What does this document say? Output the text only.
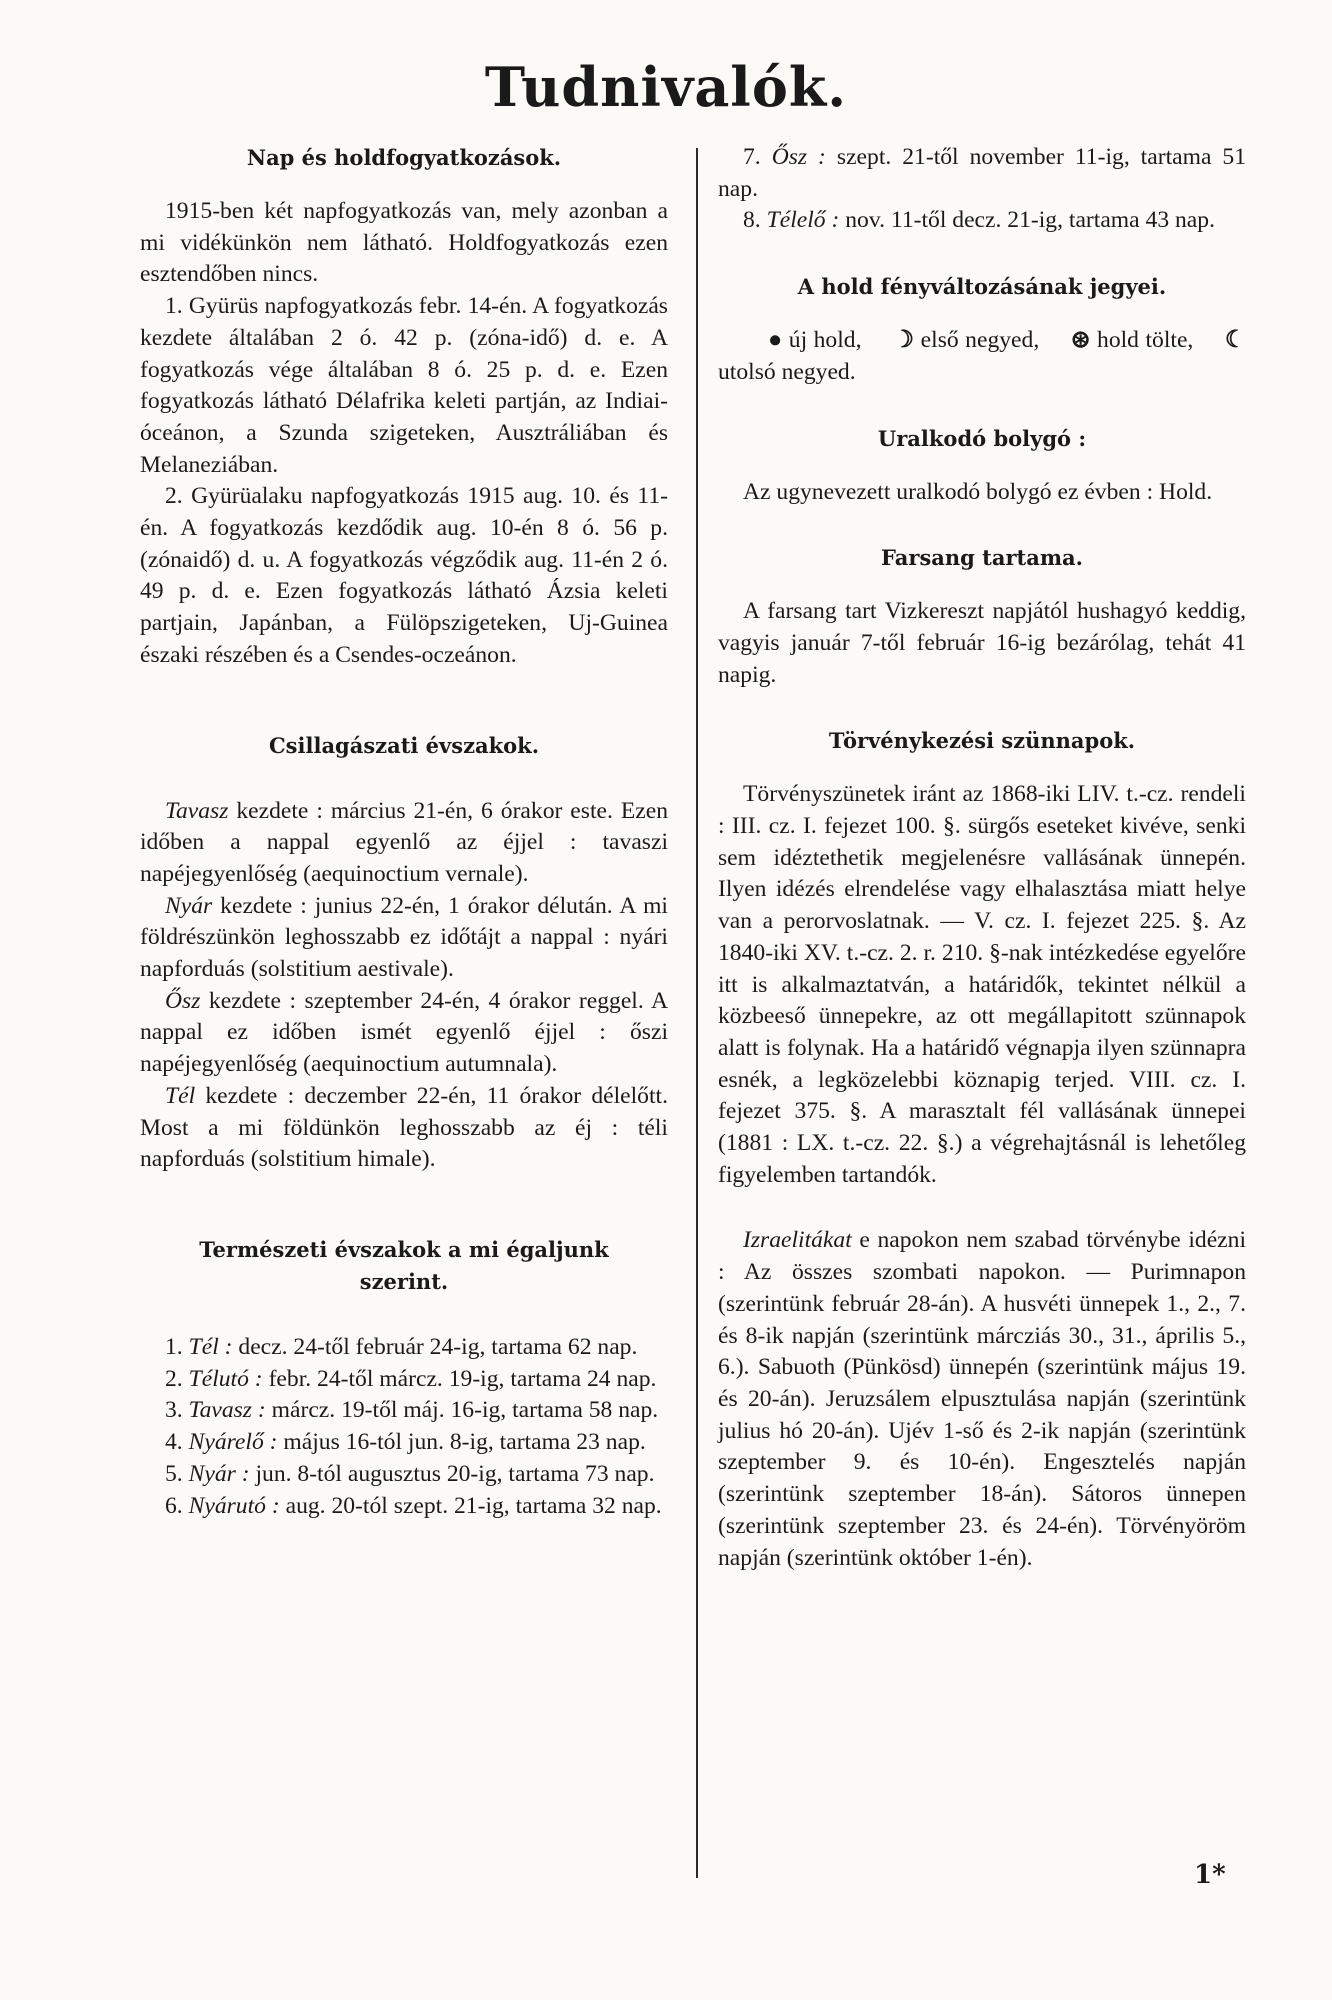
Tudnivalók.
Nap és holdfogyatkozások.

1915-ben két napfogyatkozás van, mely azonban a mi vidékünkön nem látható. Holdfogyatkozás ezen esztendőben nincs.

1. Gyürüs napfogyatkozás febr. 14-én. A fogyatkozás kezdete általában 2 ó. 42 p. (zóna-idő) d. e. A fogyatkozás vége általában 8 ó. 25 p. d. e. Ezen fogyatkozás látható Délafrika keleti partján, az Indiai-óceánon, a Szunda szigeteken, Ausztráliában és Melaneziában.

2. Gyürüalaku napfogyatkozás 1915 aug. 10. és 11-én. A fogyatkozás kezdődik aug. 10-én 8 ó. 56 p. (zónaidő) d. u. A fogyatkozás végződik aug. 11-én 2 ó. 49 p. d. e. Ezen fogyatkozás látható Ázsia keleti partjain, Japánban, a Fülöpszigeteken, Uj-Guinea északi részében és a Csendes-oczeánon.

Csillagászati évszakok.

Tavasz kezdete : március 21-én, 6 órakor este. Ezen időben a nappal egyenlő az éjjel : tavaszi napéjegyenlőség (aequinoctium vernale).

Nyár kezdete : junius 22-én, 1 órakor délután. A mi földrészünkön leghosszabb ez időtájt a nappal : nyári napforduás (solstitium aestivale).

Ősz kezdete : szeptember 24-én, 4 órakor reggel. A nappal ez időben ismét egyenlő éjjel : őszi napéjegyenlőség (aequinoctium autumnala).

Tél kezdete : deczember 22-én, 11 órakor délelőtt. Most a mi földünkön leghosszabb az éj : téli napforduás (solstitium himale).

Természeti évszakok a mi égaljunk szerint.

1. Tél : decz. 24-től február 24-ig, tartama 62 nap.

2. Télutó : febr. 24-től márcz. 19-ig, tartama 24 nap.

3. Tavasz : márcz. 19-től máj. 16-ig, tartama 58 nap.

4. Nyárelő : május 16-tól jun. 8-ig, tartama 23 nap.

5. Nyár : jun. 8-tól augusztus 20-ig, tartama 73 nap.

6. Nyárutó : aug. 20-tól szept. 21-ig, tartama 32 nap.

7. Ősz : szept. 21-től november 11-ig, tartama 51 nap.

8. Télelő : nov. 11-től decz. 21-ig, tartama 43 nap.

A hold fényváltozásának jegyei.

● új hold, ☽ első negyed, ⊛ hold tölte, ☾ utolsó negyed.

Uralkodó bolygó :

Az ugynevezett uralkodó bolygó ez évben : Hold.

Farsang tartama.

A farsang tart Vizkereszt napjától hushagyó keddig, vagyis január 7-től február 16-ig bezárólag, tehát 41 napig.

Törvénykezési szünnapok.

Törvényszünetek iránt az 1868-iki LIV. t.-cz. rendeli : III. cz. I. fejezet 100. §. sürgős eseteket kivéve, senki sem idéztethetik megjelenésre vallásának ünnepén. Ilyen idézés elrendelése vagy elhalasztása miatt helye van a perorvoslatnak. — V. cz. I. fejezet 225. §. Az 1840-iki XV. t.-cz. 2. r. 210. §-nak intézkedése egyelőre itt is alkalmaztatván, a határidők, tekintet nélkül a közbeeső ünnepekre, az ott megállapitott szünnapok alatt is folynak. Ha a határidő végnapja ilyen szünnapra esnék, a legközelebbi köznapig terjed. VIII. cz. I. fejezet 375. §. A marasztalt fél vallásának ünnepei (1881 : LX. t.-cz. 22. §.) a végrehajtásnál is lehetőleg figyelemben tartandók.

Izraelitákat e napokon nem szabad törvénybe idézni : Az összes szombati napokon. — Purimnapon (szerintünk február 28-án). A husvéti ünnepek 1., 2., 7. és 8-ik napján (szerintünk márcziás 30., 31., április 5., 6.). Sabuoth (Pünkösd) ünnepén (szerintünk május 19. és 20-án). Jeruzsálem elpusztulása napján (szerintünk julius hó 20-án). Ujév 1-ső és 2-ik napján (szerintünk szeptember 9. és 10-én). Engesztelés napján (szerintünk szeptember 18-án). Sátoros ünnepen (szerintünk szeptember 23. és 24-én). Törvényöröm napján (szerintünk október 1-én).

1*
